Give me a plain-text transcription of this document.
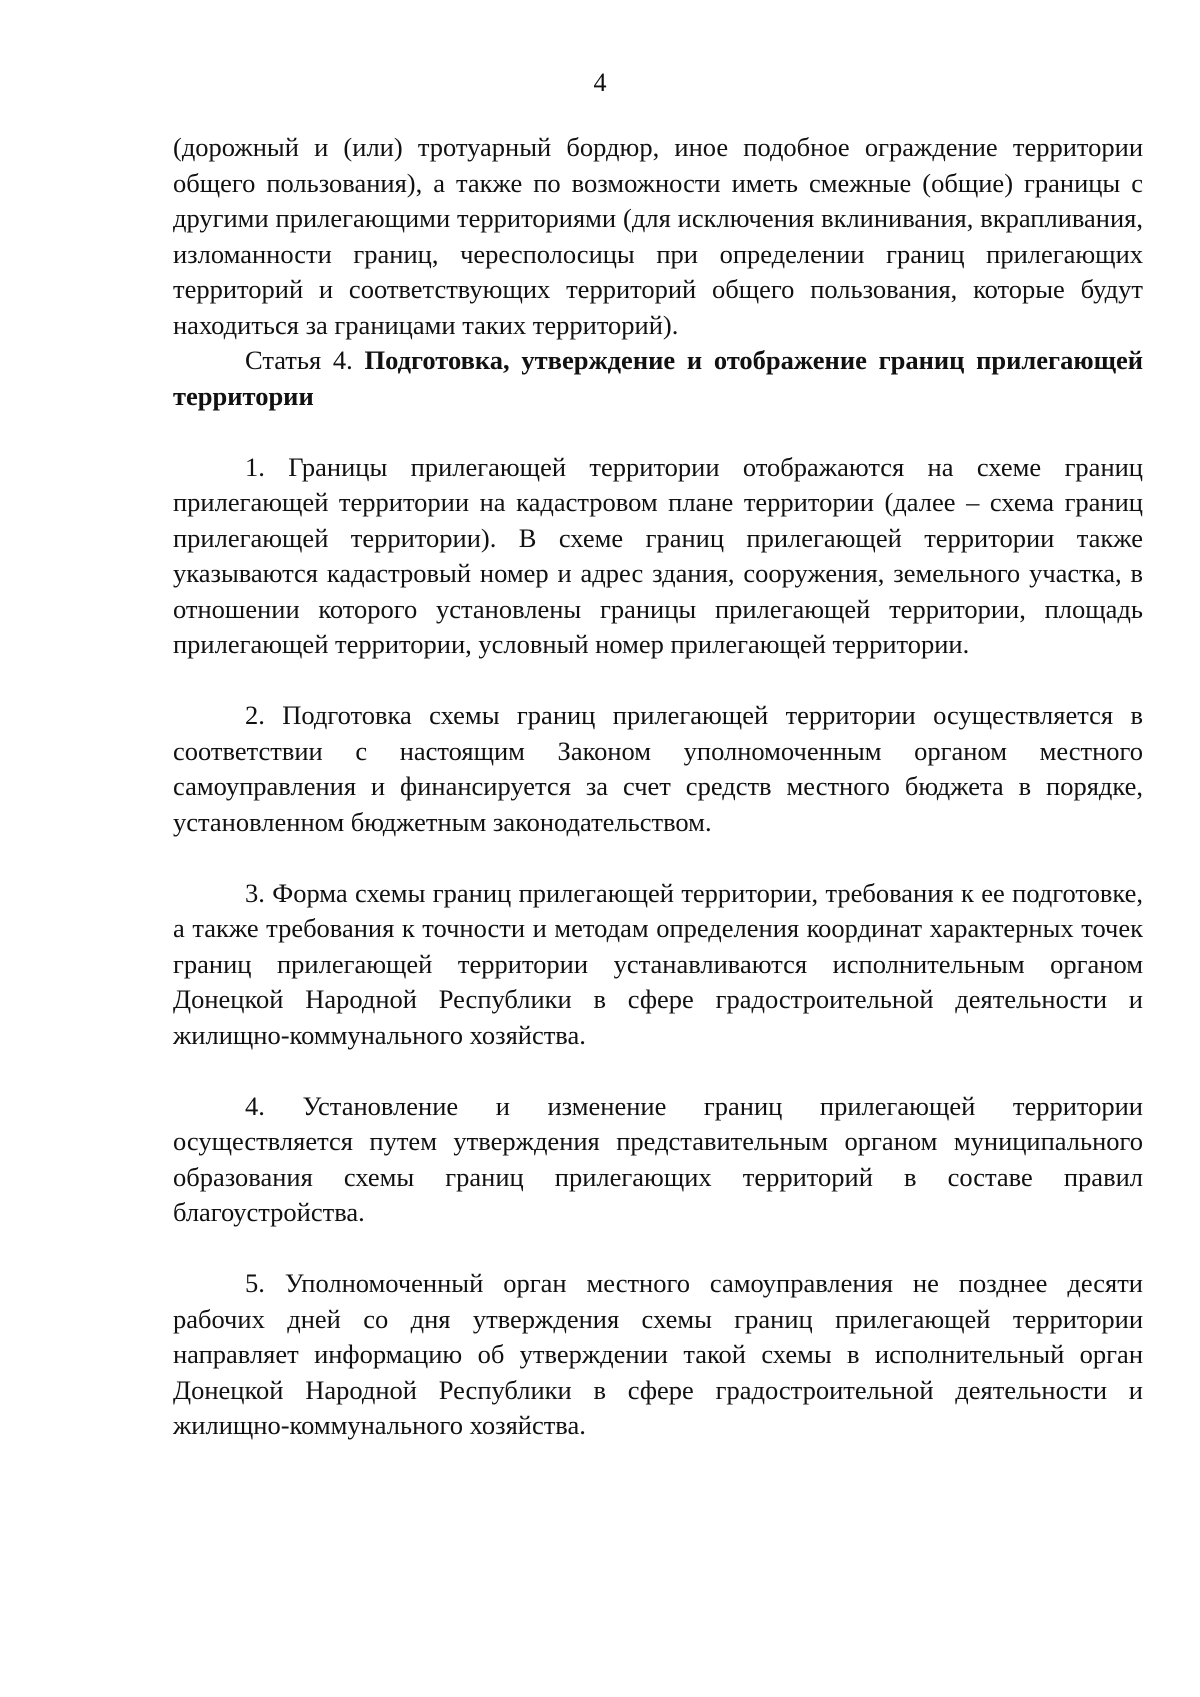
4

(дорожный и (или) тротуарный бордюр, иное подобное ограждение территории общего пользования), а также по возможности иметь смежные (общие) границы с другими прилегающими территориями (для исключения вклинивания, вкрапливания, изломанности границ, чересполосицы при определении границ прилегающих территорий и соответствующих территорий общего пользования, которые будут находиться за границами таких территорий).

Статья 4. Подготовка, утверждение и отображение границ прилегающей территории

1. Границы прилегающей территории отображаются на схеме границ прилегающей территории на кадастровом плане территории (далее – схема границ прилегающей территории). В схеме границ прилегающей территории также указываются кадастровый номер и адрес здания, сооружения, земельного участка, в отношении которого установлены границы прилегающей территории, площадь прилегающей территории, условный номер прилегающей территории.

2. Подготовка схемы границ прилегающей территории осуществляется в соответствии с настоящим Законом уполномоченным органом местного самоуправления и финансируется за счет средств местного бюджета в порядке, установленном бюджетным законодательством.

3. Форма схемы границ прилегающей территории, требования к ее подготовке, а также требования к точности и методам определения координат характерных точек границ прилегающей территории устанавливаются исполнительным органом Донецкой Народной Республики в сфере градостроительной деятельности и жилищно-коммунального хозяйства.

4. Установление и изменение границ прилегающей территории осуществляется путем утверждения представительным органом муниципального образования схемы границ прилегающих территорий в составе правил благоустройства.

5. Уполномоченный орган местного самоуправления не позднее десяти рабочих дней со дня утверждения схемы границ прилегающей территории направляет информацию об утверждении такой схемы в исполнительный орган Донецкой Народной Республики в сфере градостроительной деятельности и жилищно-коммунального хозяйства.
